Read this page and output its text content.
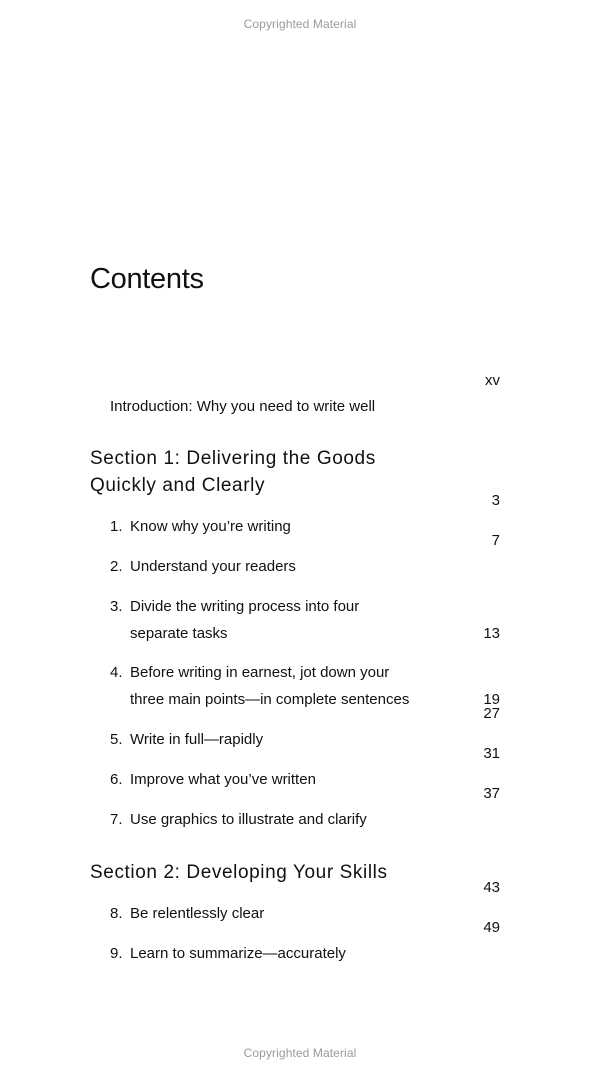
Copyrighted Material
Contents
Introduction: Why you need to write well
xv
Section 1: Delivering the Goods
Quickly and Clearly
1. Know why you’re writing
3
2. Understand your readers
7
3. Divide the writing process into four
separate tasks	13
4. Before writing in earnest, jot down your
three main points—in complete sentences	19
5. Write in full—rapidly
27
6. Improve what you’ve written
31
7. Use graphics to illustrate and clarify
37
Section 2: Developing Your Skills
8. Be relentlessly clear
43
9. Learn to summarize—accurately
49
Copyrighted Material
